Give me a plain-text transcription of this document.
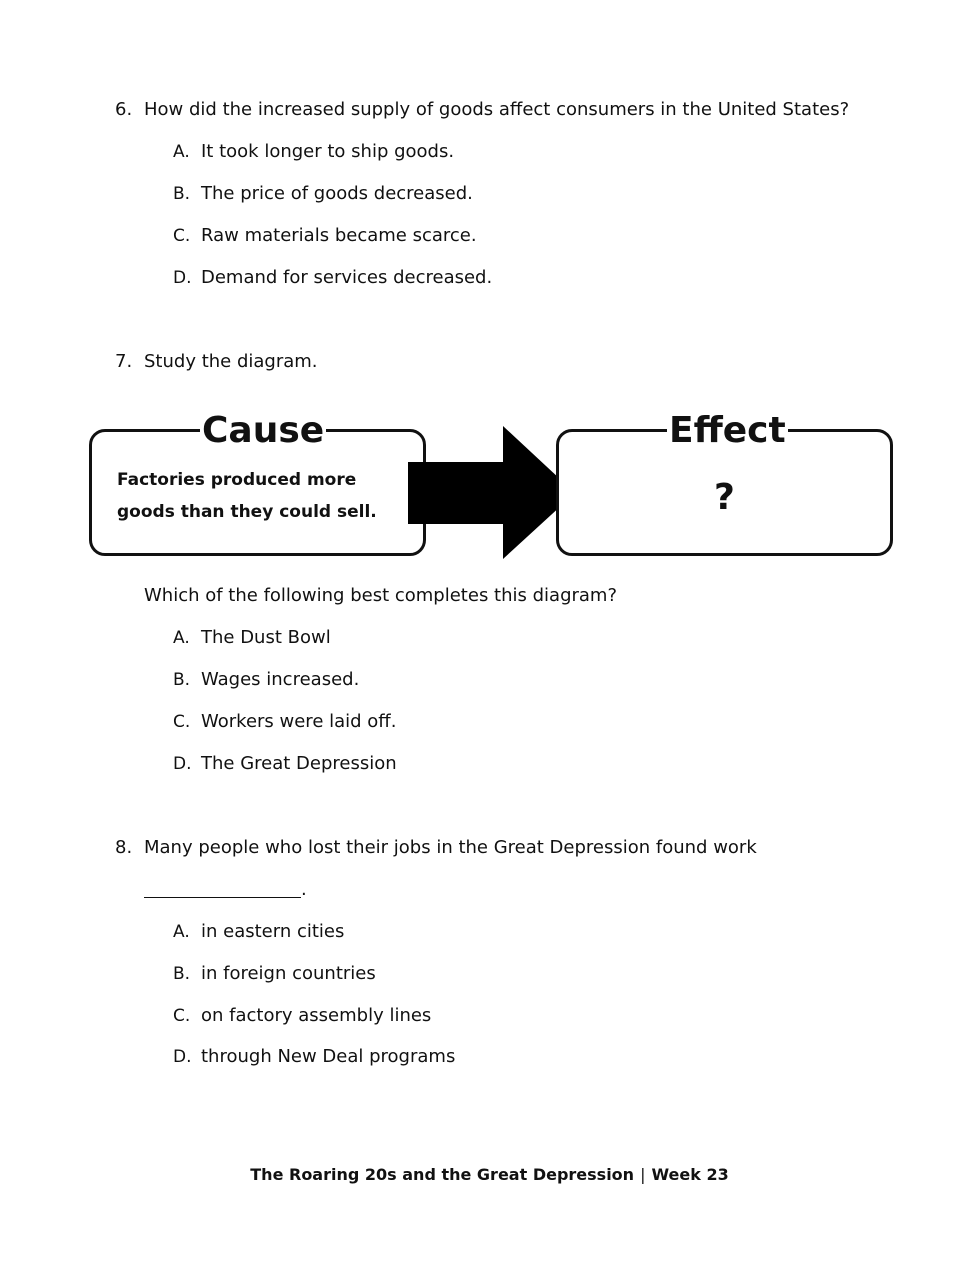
6. How did the increased supply of goods affect consumers in the United States?
A. It took longer to ship goods.
B. The price of goods decreased.
C. Raw materials became scarce.
D. Demand for services decreased.
7. Study the diagram.
Cause
Factories produced more
goods than they could sell.
Effect
?
Which of the following best completes this diagram?
A. The Dust Bowl
B. Wages increased.
C. Workers were laid off.
D. The Great Depression
8. Many people who lost their jobs in the Great Depression found work
.
A. in eastern cities
B. in foreign countries
C. on factory assembly lines
D. through New Deal programs
The Roaring 20s and the Great Depression | Week 23
